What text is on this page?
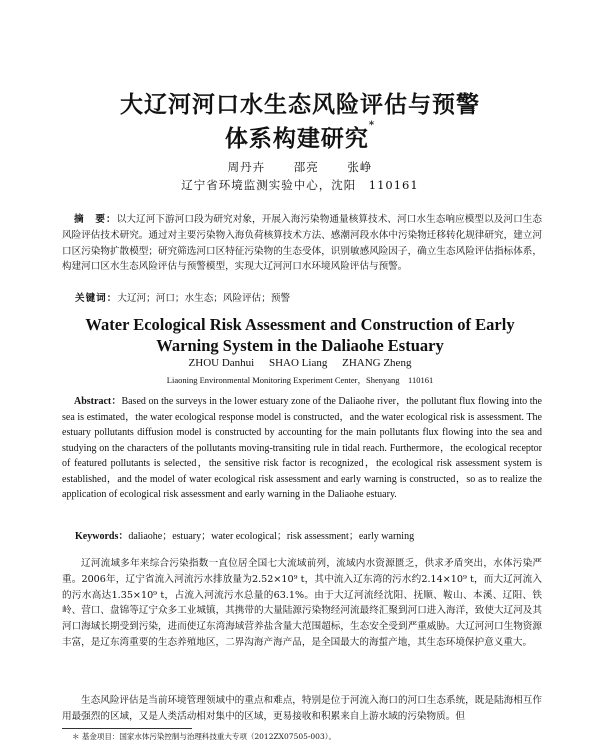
大辽河河口水生态风险评估与预警
体系构建研究*
周丹卉 邵亮 张峥
辽宁省环境监测实验中心，沈阳　110161
摘　要：以大辽河下游河口段为研究对象，开展入海污染物通量核算技术、河口水生态响应模型以及河口生态风险评估技术研究。通过对主要污染物入海负荷核算技术方法、感潮河段水体中污染物迁移转化规律研究，建立河口区污染物扩散模型；研究筛选河口区特征污染物的生态受体，识别敏感风险因子，确立生态风险评估指标体系，构建河口区水生态风险评估与预警模型，实现大辽河河口水环境风险评估与预警。
关键词：大辽河；河口；水生态；风险评估；预警
Water Ecological Risk Assessment and Construction of Early
Warning System in the Daliaohe Estuary
ZHOU Danhui SHAO Liang ZHANG Zheng
Liaoning Environmental Monitoring Experiment Center，Shenyang　110161
Abstract：Based on the surveys in the lower estuary zone of the Daliaohe river，the pollutant flux flowing into the sea is estimated，the water ecological response model is constructed，and the water ecological risk is assessment. The estuary pollutants diffusion model is constructed by accounting for the main pollutants flux flowing into the sea and studying on the characters of the pollutants moving-transiting rule in tidal reach. Furthermore，the ecological receptor of featured pollutants is selected，the sensitive risk factor is recognized，the ecological risk assessment system is established，and the model of water ecological risk assessment and early warning is constructed，so as to realize the application of ecological risk assessment and early warning in the Daliaohe estuary.
Keywords：daliaohe；estuary；water ecological；risk assessment；early warning

辽河流域多年来综合污染指数一直位居全国七大流域前列，流域内水资源匮乏，供求矛盾突出，水体污染严重。2006年，辽宁省流入河流污水排放量为2.52×10⁹ t，其中流入辽东湾的污水约2.14×10⁹ t，而大辽河流入的污水高达1.35×10⁹ t，占流入河流污水总量的63.1%。由于大辽河流经沈阳、抚顺、鞍山、本溪、辽阳、铁岭、营口、盘锦等辽宁众多工业城镇，其携带的大量陆源污染物经河流最终汇聚到河口进入海洋，致使大辽河及其河口海域长期受到污染，进而使辽东湾海域营养盐含量大范围超标，生态安全受到严重威胁。大辽河河口生物资源丰富，是辽东湾重要的生态养殖地区，二界沟海产海产品，是全国最大的海蜇产地，其生态环境保护意义重大。

生态风险评估是当前环境管理领域中的重点和难点，特别是位于河流入海口的河口生态系统，既是陆海相互作用最强烈的区域，又是人类活动相对集中的区域，更易接收和积累来自上游水域的污染物质。但

＊ 基金项目：国家水体污染控制与治理科技重大专项（2012ZX07505-003）。
